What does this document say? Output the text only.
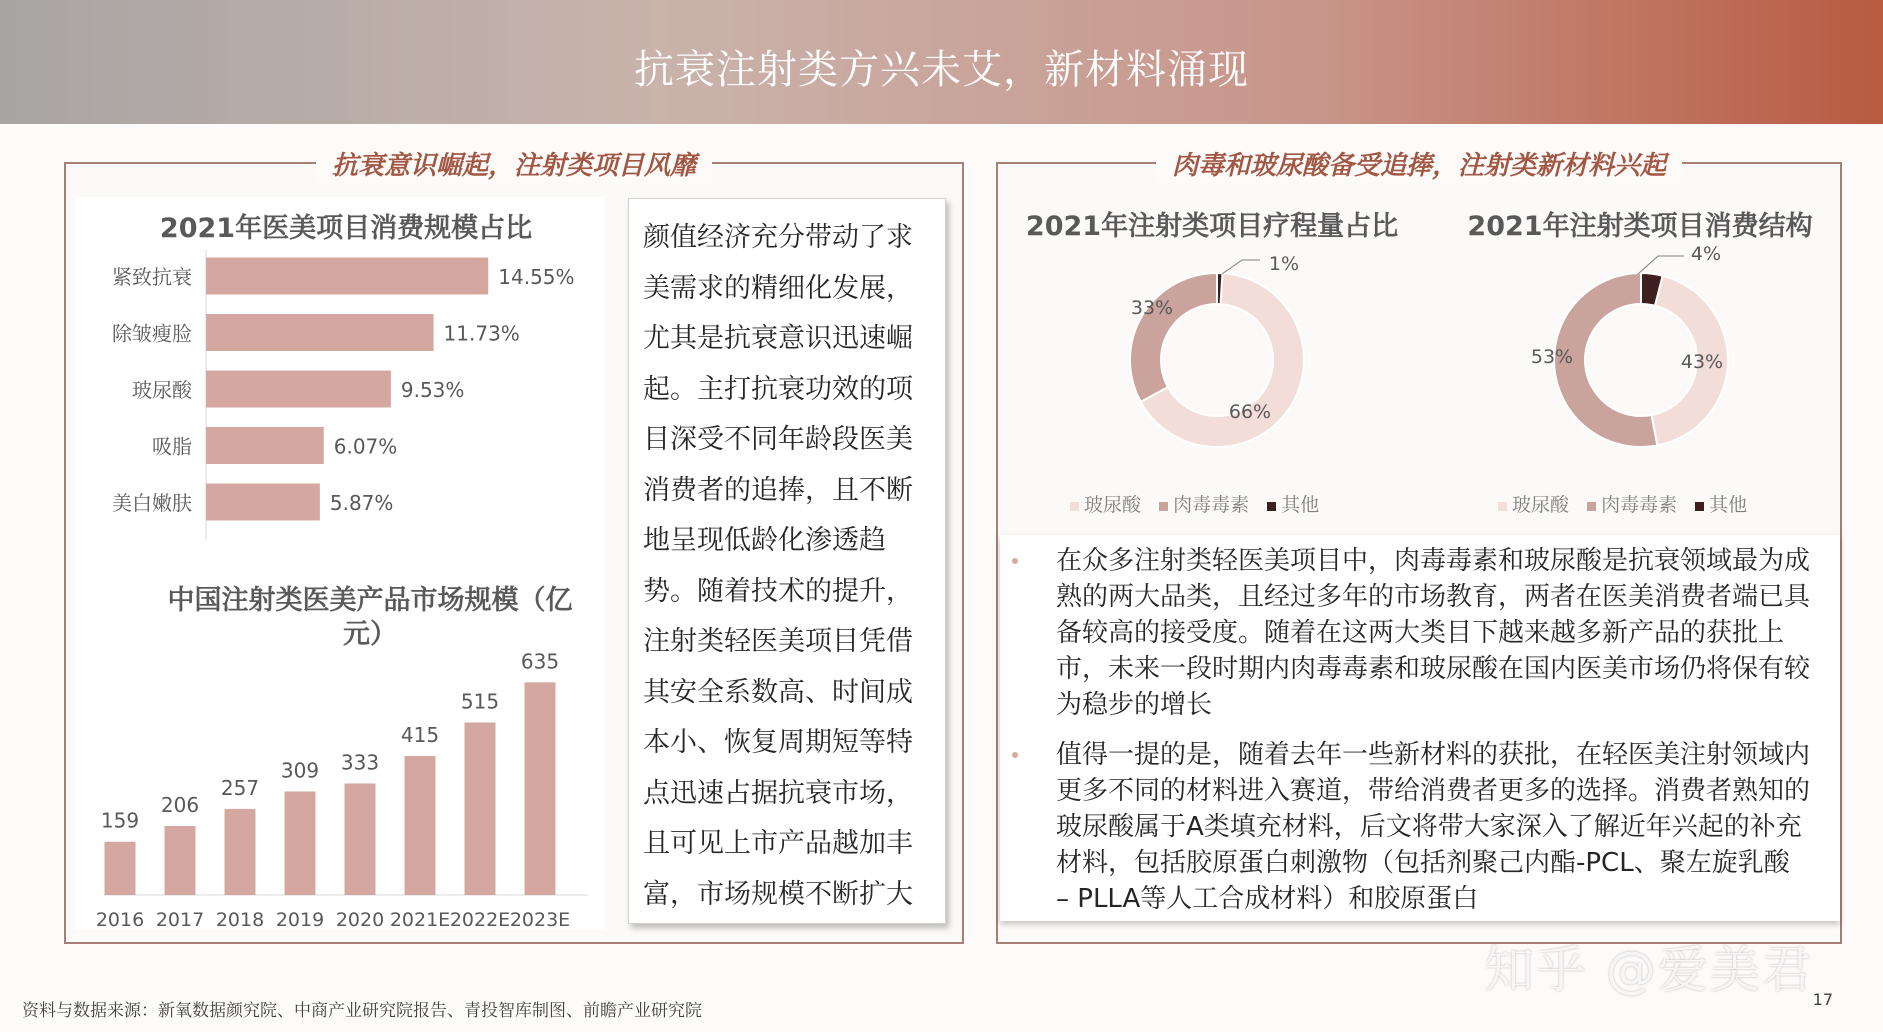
抗衰注射类方兴未艾，新材料涌现
抗衰意识崛起，注射类项目风靡
2021年医美项目消费规模占比
紧致抗衰	14.55%
除皱瘦脸	11.73%
玻尿酸	9.53%
吸脂	6.07%
美白嫩肤	5.87%
中国注射类医美产品市场规模（亿元）
159
2016
206
2017
257
2018
309
2019
333
2020
415
2021E
515
2022E
635
2023E

颜值经济充分带动了求美需求的精细化发展，尤其是抗衰意识迅速崛起。主打抗衰功效的项目深受不同年龄段医美消费者的追捧，且不断地呈现低龄化渗透趋势。随着技术的提升，注射类轻医美项目凭借其安全系数高、时间成本小、恢复周期短等特点迅速占据抗衰市场，且可见上市产品越加丰富，市场规模不断扩大

肉毒和玻尿酸备受追捧，注射类新材料兴起
2021年注射类项目疗程量占比
66%
33%
1%
玻尿酸 肉毒毒素 其他
2021年注射类项目消费结构
43%
53%
4%
玻尿酸 肉毒毒素 其他
在众多注射类轻医美项目中，肉毒毒素和玻尿酸是抗衰领域最为成熟的两大品类，且经过多年的市场教育，两者在医美消费者端已具备较高的接受度。随着在这两大类目下越来越多新产品的获批上市，未来一段时期内肉毒毒素和玻尿酸在国内医美市场仍将保有较为稳步的增长
值得一提的是，随着去年一些新材料的获批，在轻医美注射领域内更多不同的材料进入赛道，带给消费者更多的选择。消费者熟知的玻尿酸属于A类填充材料，后文将带大家深入了解近年兴起的补充材料，包括胶原蛋白刺激物（包括剂聚己内酯-PCL、聚左旋乳酸 – PLLA等人工合成材料）和胶原蛋白
资料与数据来源：新氧数据颜究院、中商产业研究院报告、青投智库制图、前瞻产业研究院
17
知乎 @爱美君
